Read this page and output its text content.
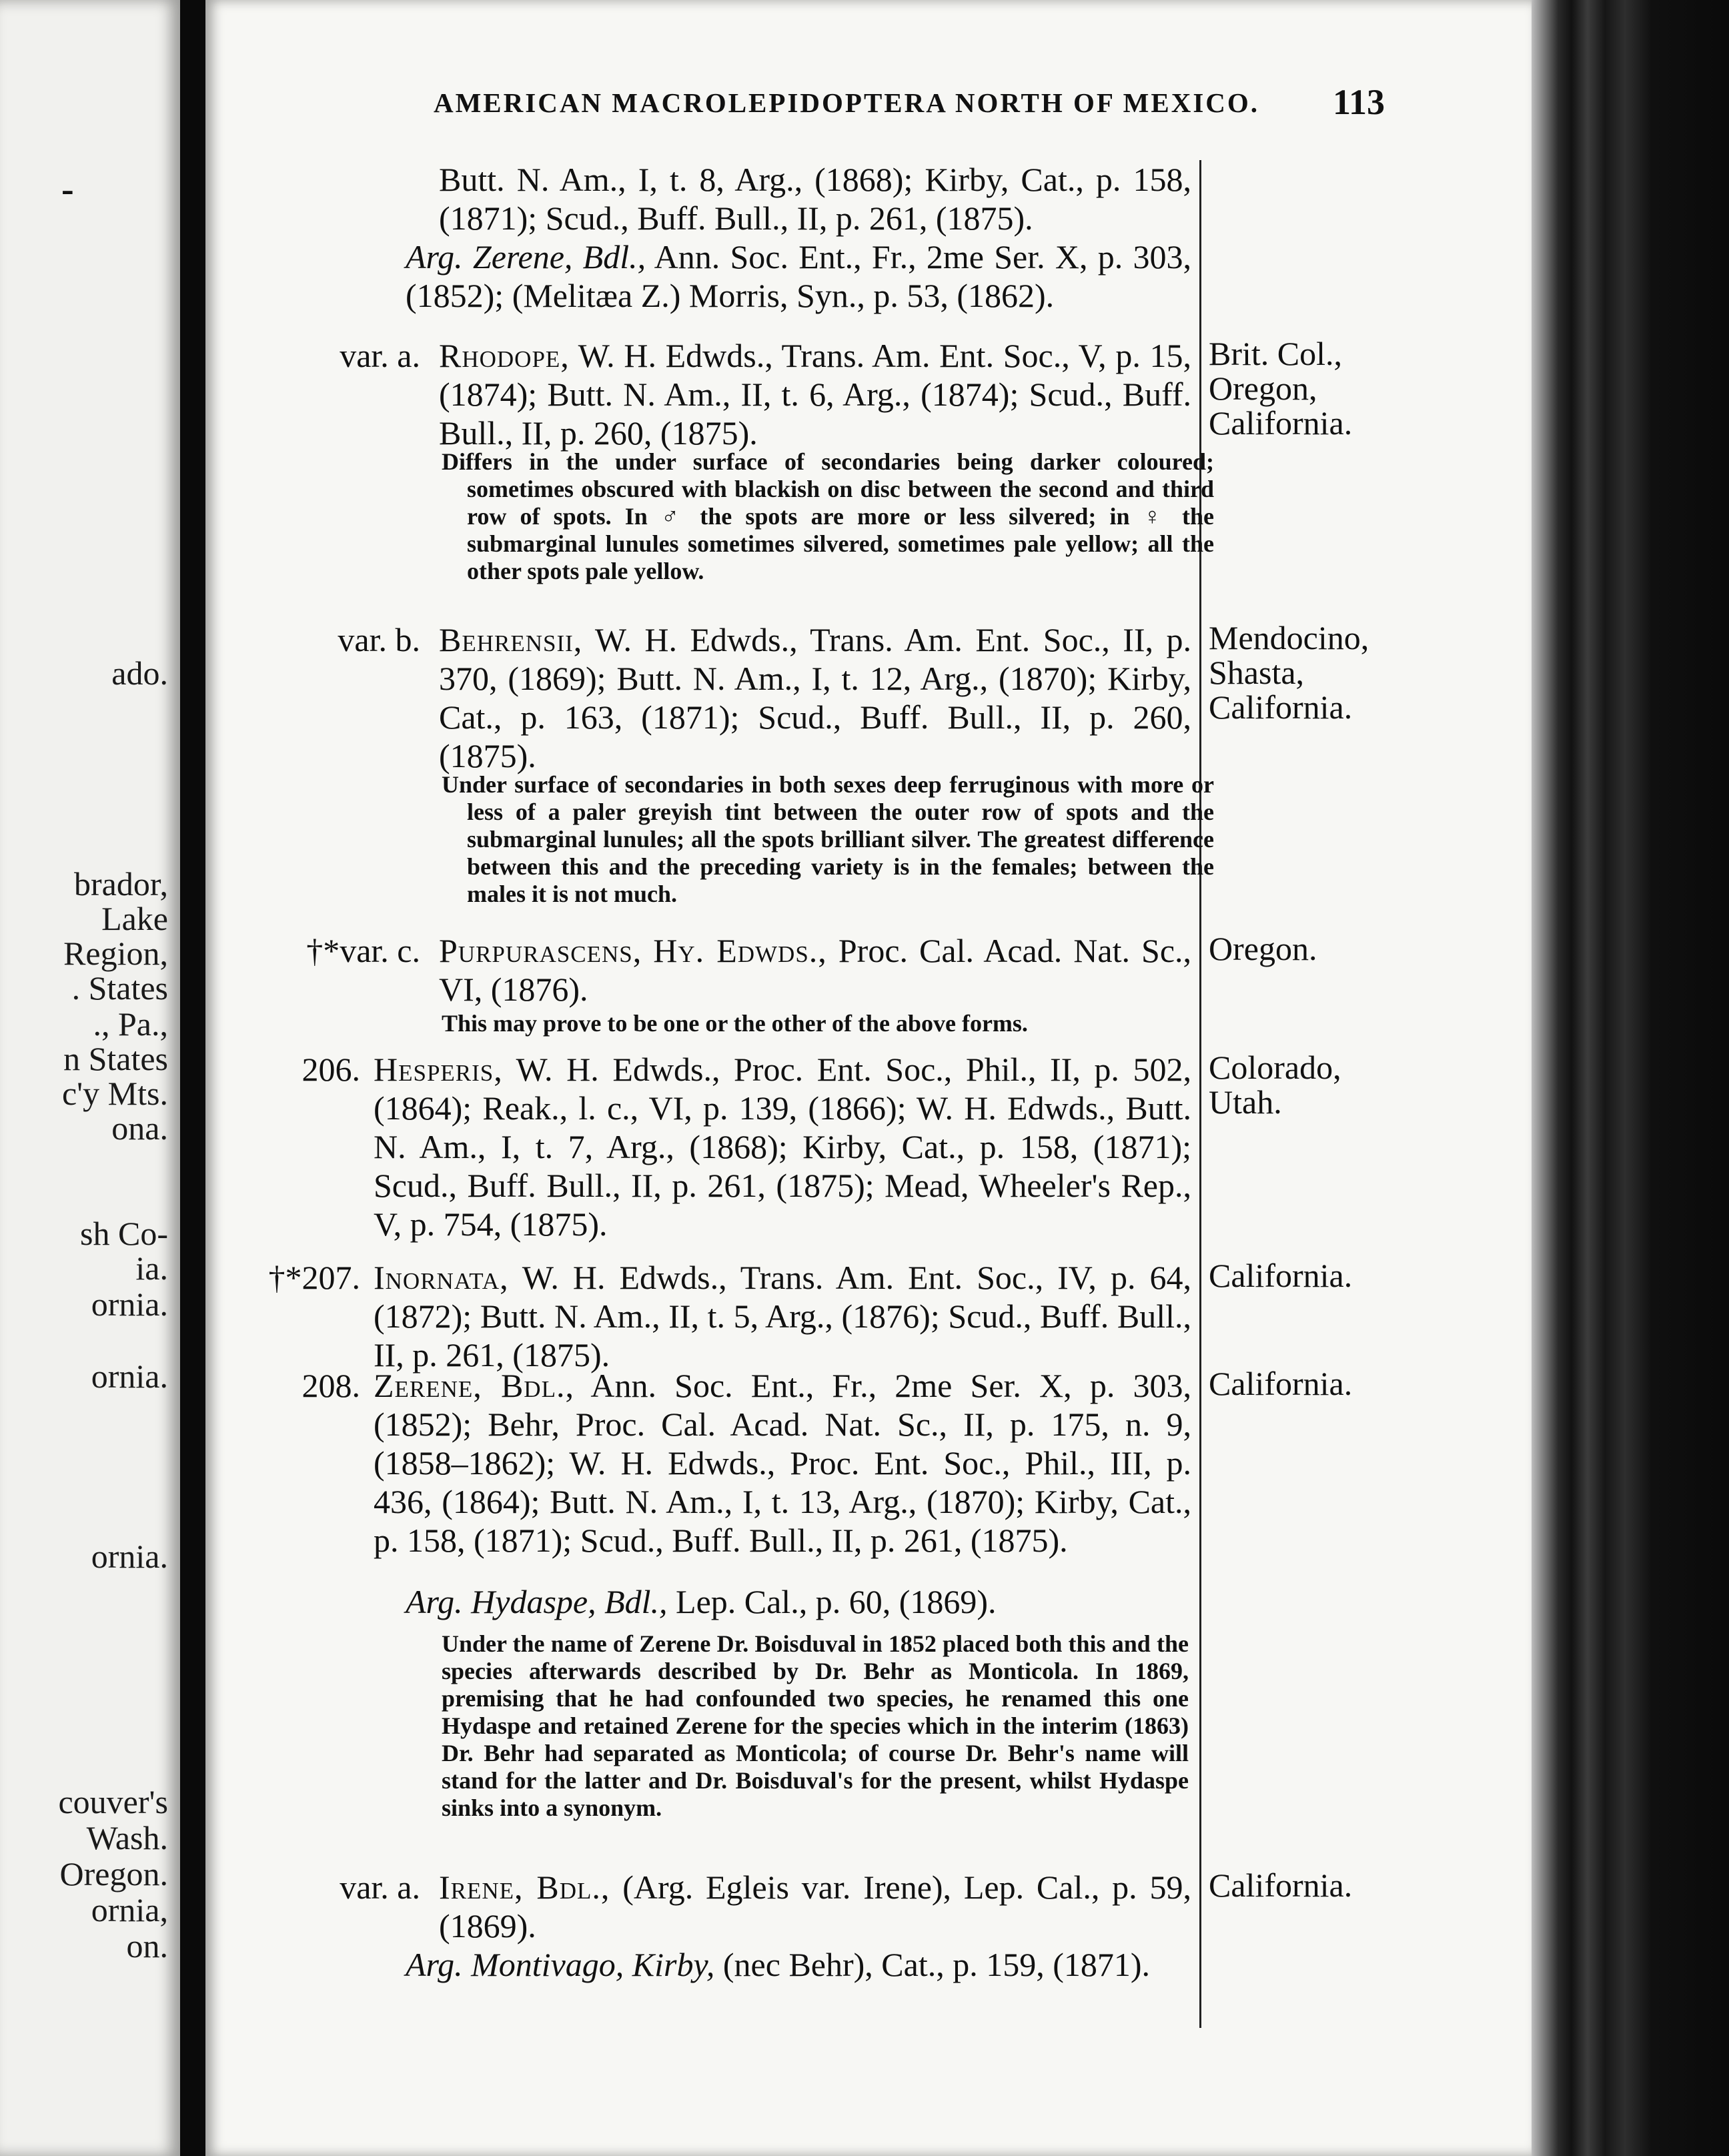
-
ado.
brador,
Lake
Region,
. States
., Pa.,
n States
c'y Mts.
ona.
sh Co-
ia.
ornia.
ornia.
ornia.
couver's
Wash.
Oregon.
ornia,
on.
AMERICAN MACROLEPIDOPTERA NORTH OF MEXICO. 113
Butt. N. Am., I, t. 8, Arg., (1868); Kirby, Cat., p. 158, (1871); Scud., Buff. Bull., II, p. 261, (1875).
Arg. Zerene, Bdl., Ann. Soc. Ent., Fr., 2me Ser. X, p. 303, (1852); (Melitæa Z.) Morris, Syn., p. 53, (1862).
var. a. Rhodope, W. H. Edwds., Trans. Am. Ent. Soc., V, p. 15, (1874); Butt. N. Am., II, t. 6, Arg., (1874); Scud., Buff. Bull., II, p. 260, (1875).
Brit. Col.,
Oregon,
California.
Differs in the under surface of secondaries being darker coloured; sometimes obscured with blackish on disc between the second and third row of spots. In ♂ the spots are more or less silvered; in ♀ the submarginal lunules sometimes silvered, sometimes pale yellow; all the other spots pale yellow.
var. b. Behrensii, W. H. Edwds., Trans. Am. Ent. Soc., II, p. 370, (1869); Butt. N. Am., I, t. 12, Arg., (1870); Kirby, Cat., p. 163, (1871); Scud., Buff. Bull., II, p. 260, (1875).
Mendocino,
Shasta,
California.
Under surface of secondaries in both sexes deep ferruginous with more or less of a paler greyish tint between the outer row of spots and the submarginal lunules; all the spots brilliant silver. The greatest difference between this and the preceding variety is in the females; between the males it is not much.
†*var. c. Purpurascens, Hy. Edwds., Proc. Cal. Acad. Nat. Sc., VI, (1876).
Oregon.
This may prove to be one or the other of the above forms.
206. Hesperis, W. H. Edwds., Proc. Ent. Soc., Phil., II, p. 502, (1864); Reak., l. c., VI, p. 139, (1866); W. H. Edwds., Butt. N. Am., I, t. 7, Arg., (1868); Kirby, Cat., p. 158, (1871); Scud., Buff. Bull., II, p. 261, (1875); Mead, Wheeler's Rep., V, p. 754, (1875).
Colorado,
Utah.
†*207. Inornata, W. H. Edwds., Trans. Am. Ent. Soc., IV, p. 64, (1872); Butt. N. Am., II, t. 5, Arg., (1876); Scud., Buff. Bull., II, p. 261, (1875).
California.
208. Zerene, Bdl., Ann. Soc. Ent., Fr., 2me Ser. X, p. 303, (1852); Behr, Proc. Cal. Acad. Nat. Sc., II, p. 175, n. 9, (1858–1862); W. H. Edwds., Proc. Ent. Soc., Phil., III, p. 436, (1864); Butt. N. Am., I, t. 13, Arg., (1870); Kirby, Cat., p. 158, (1871); Scud., Buff. Bull., II, p. 261, (1875).
Arg. Hydaspe, Bdl., Lep. Cal., p. 60, (1869).
California.
Under the name of Zerene Dr. Boisduval in 1852 placed both this and the species afterwards described by Dr. Behr as Monticola. In 1869, premising that he had confounded two species, he renamed this one Hydaspe and retained Zerene for the species which in the interim (1863) Dr. Behr had separated as Monticola; of course Dr. Behr's name will stand for the latter and Dr. Boisduval's for the present, whilst Hydaspe sinks into a synonym.
var. a. Irene, Bdl., (Arg. Egleis var. Irene), Lep. Cal., p. 59, (1869).
Arg. Montivago, Kirby, (nec Behr), Cat., p. 159, (1871).
California.
